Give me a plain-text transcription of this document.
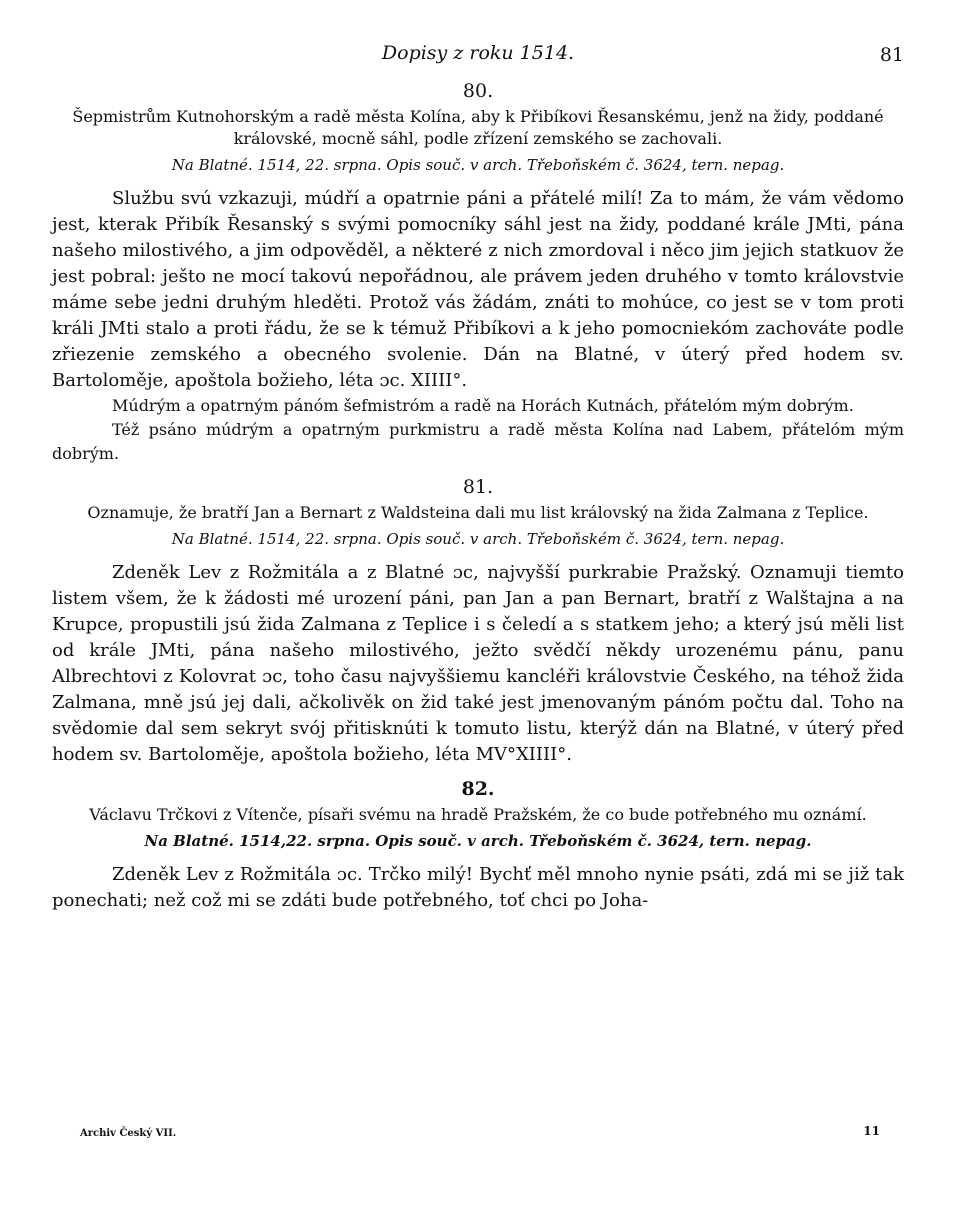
Dopisy z roku 1514.	81
80.

Šepmistrům Kutnohorským a radě města Kolína, aby k Přibíkovi Řesanskému, jenž na židy, poddané královské, mocně sáhl, podle zřízení zemského se zachovali.

Na Blatné. 1514, 22. srpna. Opis souč. v arch. Třeboňském č. 3624, tern. nepag.

Službu svú vzkazuji, múdří a opatrnie páni a přátelé milí! Za to mám, že vám vědomo jest, kterak Přibík Řesanský s svými pomocníky sáhl jest na židy, poddané krále JMti, pána našeho milostivého, a jim odpověděl, a některé z nich zmordoval i něco jim jejich statkuov že jest pobral: ješto ne mocí takovú nepořádnou, ale právem jeden druhého v tomto královstvie máme sebe jedni druhým hleděti. Protož vás žádám, znáti to mohúce, co jest se v tom proti králi JMti stalo a proti řádu, že se k témuž Přibíkovi a k jeho pomocniekóm zachováte podle zřiezenie zemského a obecného svolenie. Dán na Blatné, v úterý před hodem sv. Bartoloměje, apoštola božieho, léta ɔc. XIIII°.

Múdrým a opatrným pánóm šefmistróm a radě na Horách Kutnách, přátelóm mým dobrým.

Též psáno múdrým a opatrným purkmistru a radě města Kolína nad Labem, přátelóm mým dobrým.

81.

Oznamuje, že bratří Jan a Bernart z Waldsteina dali mu list královský na žida Zalmana z Teplice.

Na Blatné. 1514, 22. srpna. Opis souč. v arch. Třeboňském č. 3624, tern. nepag.

Zdeněk Lev z Rožmitála a z Blatné ɔc, najvyšší purkrabie Pražský. Oznamuji tiemto listem všem, že k žádosti mé urození páni, pan Jan a pan Bernart, bratří z Walštajna a na Krupce, propustili jsú žida Zalmana z Teplice i s čeledí a s statkem jeho; a který jsú měli list od krále JMti, pána našeho milostivého, ježto svědčí někdy urozenému pánu, panu Albrechtovi z Kolovrat ɔc, toho času najvyššiemu kancléři královstvie Českého, na téhož žida Zalmana, mně jsú jej dali, ačkolivěk on žid také jest jmenovaným pánóm počtu dal. Toho na svědomie dal sem sekryt svój přitisknúti k tomuto listu, kterýž dán na Blatné, v úterý před hodem sv. Bartoloměje, apoštola božieho, léta MV°XIIII°.

82.

Václavu Trčkovi z Vítenče, písaři svému na hradě Pražském, že co bude potřebného mu oznámí.

Na Blatné. 1514,22. srpna. Opis souč. v arch. Třeboňském č. 3624, tern. nepag.

Zdeněk Lev z Rožmitála ɔc. Trčko milý! Bychť měl mnoho nynie psáti, zdá mi se již tak ponechati; než což mi se zdáti bude potřebného, toť chci po Joha-

Archiv Český VII.	11
